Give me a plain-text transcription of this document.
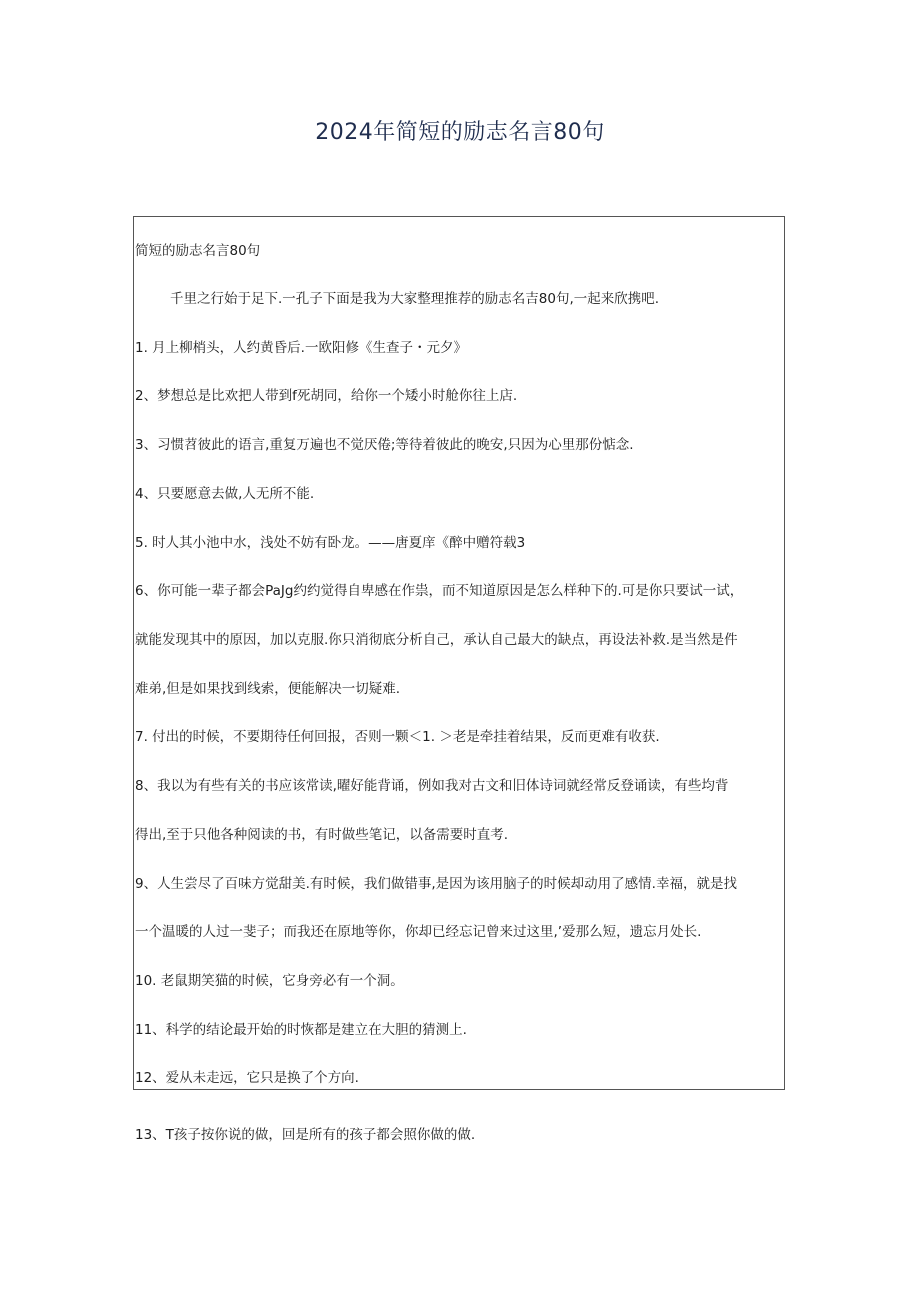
2024年简短的励志名言80句

简短的励志名言80句

千里之行始于足下.一孔子下面是我为大家整理推荐的励志名吉80句,一起来欣携吧.

1. 月上柳梢头，人约黄昏后.一欧阳修《生查子・元夕》

2、梦想总是比欢把人带到f死胡同，给你一个矮小时舱你往上店.

3、习惯苕彼此的语言,重复万遍也不觉厌倦;等待着彼此的晚安,只因为心里那份惦念.

4、只要愿意去做,人无所不能.

5. 时人其小池中水，浅处不妨有卧龙。——唐夏庠《醉中赠符载3

6、你可能一辈子都会PaJg约约觉得自卑感在作祟，而不知道原因是怎么样种下的.可是你只要试一试，

就能发现其中的原因，加以克服.你只消彻底分析自己，承认自己最大的缺点，再设法补救.是当然是件

难弟,但是如果找到线索，便能解决一切疑难.

7. 付出的时候，不要期待任何回报，否则一颗＜1. ＞老是牵挂着结果，反而更难有收获.

8、我以为有些有关的书应该常读,曜好能背诵，例如我对古文和旧体诗词就经常反登诵读，有些均背

得出,至于只他各种阅读的书，有时做些笔记，以备需要时直考.

9、人生尝尽了百味方觉甜美.有时候，我们做错事,是因为该用脑子的时候却动用了感情.幸福，就是找

一个温暖的人过一斐子；而我还在原地等你，你却已经忘记曾来过这里,’爱那么短，遗忘月处长.

10. 老鼠期笑猫的时候，它身旁必有一个洞。

11、科学的结论最开始的时恢都是建立在大胆的猜测上.

12、爱从未走远，它只是换了个方向.

13、T孩子按你说的做，回是所有的孩子都会照你做的做.
